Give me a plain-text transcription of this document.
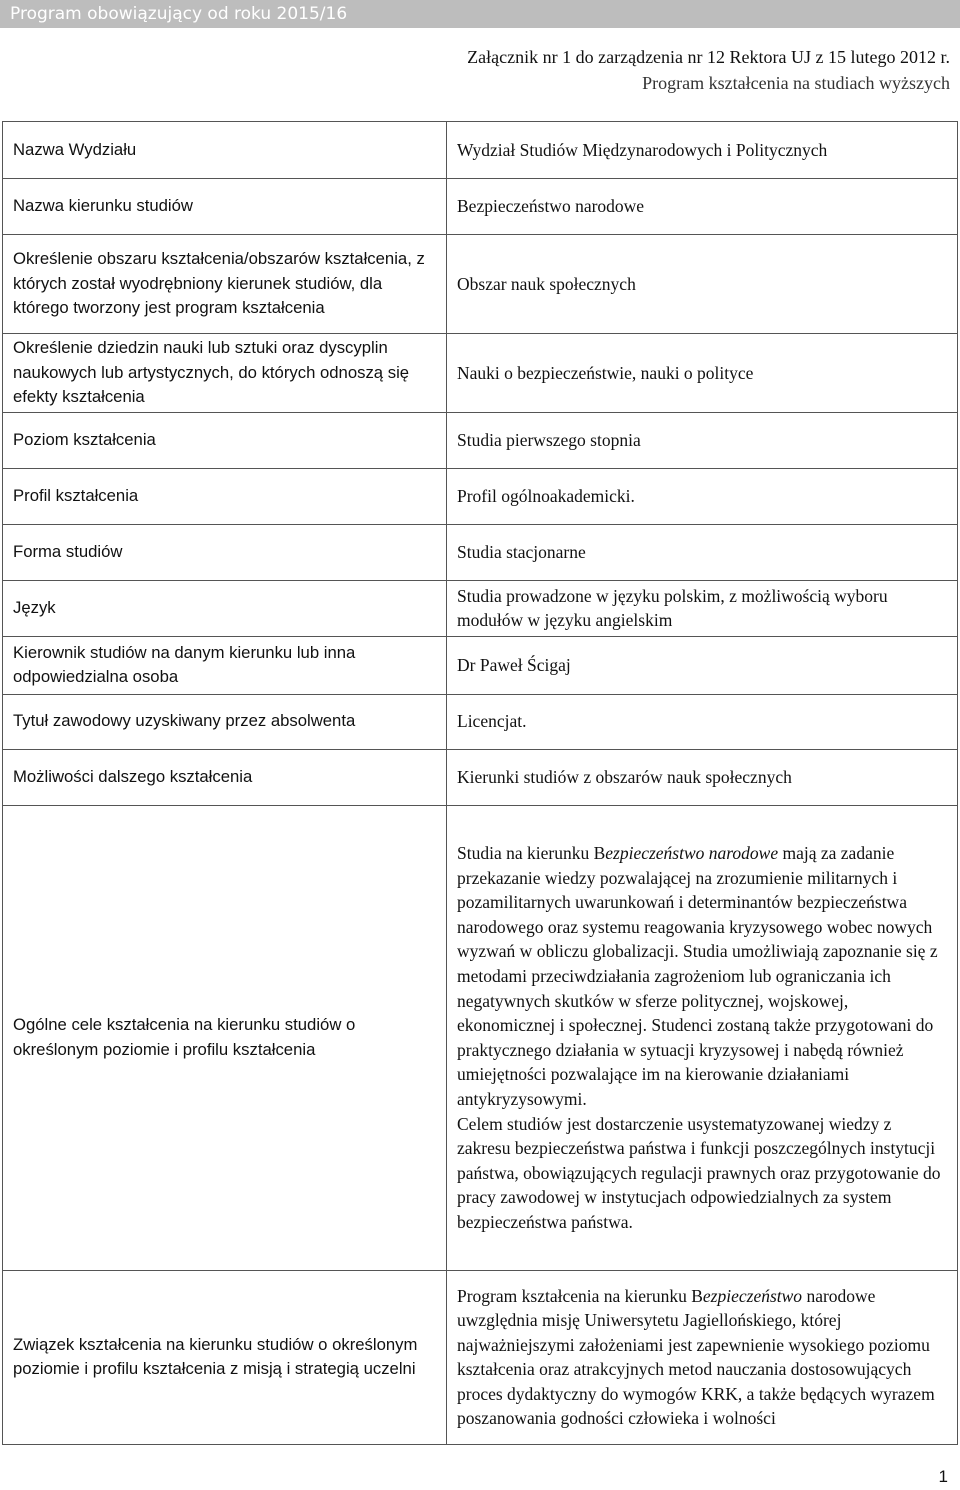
Program obowiązujący od roku 2015/16
Załącznik nr 1 do zarządzenia nr 12 Rektora UJ z 15 lutego 2012 r.
Program kształcenia na studiach wyższych
Nazwa Wydziału	Wydział Studiów Międzynarodowych i Politycznych
Nazwa kierunku studiów	Bezpieczeństwo narodowe
Określenie obszaru kształcenia/obszarów kształcenia, z których został wyodrębniony kierunek studiów, dla którego tworzony jest program kształcenia	Obszar nauk społecznych
Określenie dziedzin nauki lub sztuki oraz dyscyplin naukowych lub artystycznych, do których odnoszą się efekty kształcenia	Nauki o bezpieczeństwie, nauki o polityce
Poziom kształcenia	Studia pierwszego stopnia
Profil kształcenia	Profil ogólnoakademicki.
Forma studiów	Studia stacjonarne
Język	Studia prowadzone w języku polskim, z możliwością wyboru modułów w języku angielskim
Kierownik studiów na danym kierunku lub inna odpowiedzialna osoba	Dr Paweł Ścigaj
Tytuł zawodowy uzyskiwany przez absolwenta	Licencjat.
Możliwości dalszego kształcenia	Kierunki studiów z obszarów nauk społecznych
Ogólne cele kształcenia na kierunku studiów o określonym poziomie i profilu kształcenia	Studia na kierunku Bezpieczeństwo narodowe mają za zadanie przekazanie wiedzy pozwalającej na zrozumienie militarnych i pozamilitarnych uwarunkowań i determinantów bezpieczeństwa narodowego oraz systemu reagowania kryzysowego wobec nowych wyzwań w obliczu globalizacji. Studia umożliwiają zapoznanie się z metodami przeciwdziałania zagrożeniom lub ograniczania ich negatywnych skutków w sferze politycznej, wojskowej, ekonomicznej i społecznej. Studenci zostaną także przygotowani do praktycznego działania w sytuacji kryzysowej i nabędą również umiejętności pozwalające im na kierowanie działaniami antykryzysowymi.

Celem studiów jest dostarczenie usystematyzowanej wiedzy z zakresu bezpieczeństwa państwa i funkcji poszczególnych instytucji państwa, obowiązujących regulacji prawnych oraz przygotowanie do pracy zawodowej w instytucjach odpowiedzialnych za system bezpieczeństwa państwa.

Związek kształcenia na kierunku studiów o określonym poziomie i profilu kształcenia z misją i strategią uczelni	Program kształcenia na kierunku Bezpieczeństwo narodowe uwzględnia misję Uniwersytetu Jagiellońskiego, której najważniejszymi założeniami jest zapewnienie wysokiego poziomu kształcenia oraz atrakcyjnych metod nauczania dostosowujących proces dydaktyczny do wymogów KRK, a także będących wyrazem poszanowania godności człowieka i wolności
1
